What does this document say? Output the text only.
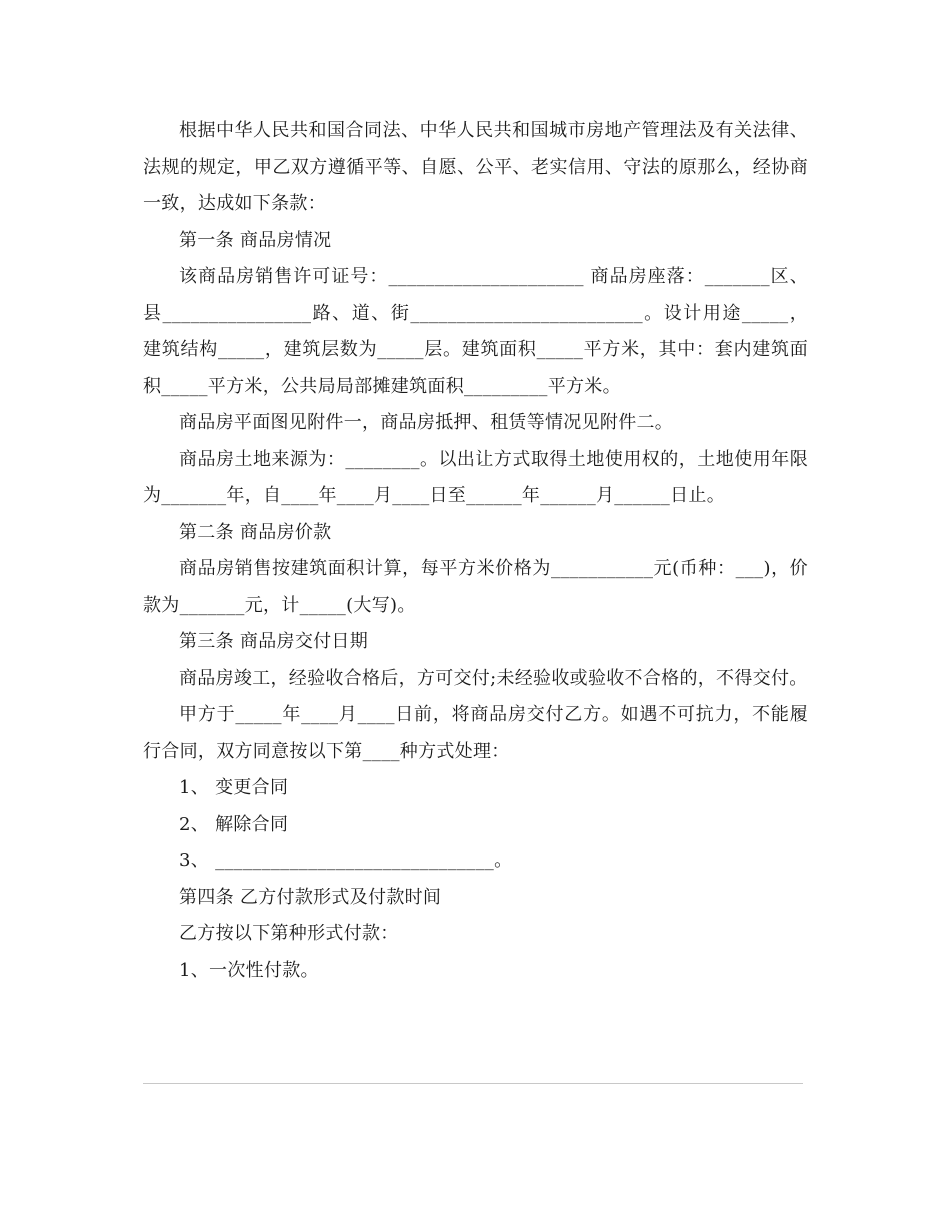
根据中华人民共和国合同法、中华人民共和国城市房地产管理法及有关法律、法规的规定，甲乙双方遵循平等、自愿、公平、老实信用、守法的原那么，经协商一致，达成如下条款：

第一条 商品房情况

该商品房销售许可证号：_____________________ 商品房座落：_______区、县________________路、道、街_________________________。设计用途_____，建筑结构_____，建筑层数为_____层。建筑面积_____平方米，其中：套内建筑面积_____平方米，公共局局部摊建筑面积_________平方米。

商品房平面图见附件一，商品房抵押、租赁等情况见附件二。

商品房土地来源为：________。以出让方式取得土地使用权的，土地使用年限为_______年，自____年____月____日至______年______月______日止。

第二条 商品房价款

商品房销售按建筑面积计算，每平方米价格为___________元(币种：___)，价款为_______元，计_____(大写)。

第三条 商品房交付日期

商品房竣工，经验收合格后，方可交付;未经验收或验收不合格的，不得交付。

甲方于_____年____月____日前，将商品房交付乙方。如遇不可抗力，不能履行合同，双方同意按以下第____种方式处理：

1、 变更合同

2、 解除合同

3、 ______________________________。

第四条 乙方付款形式及付款时间

乙方按以下第种形式付款：

1、一次性付款。
